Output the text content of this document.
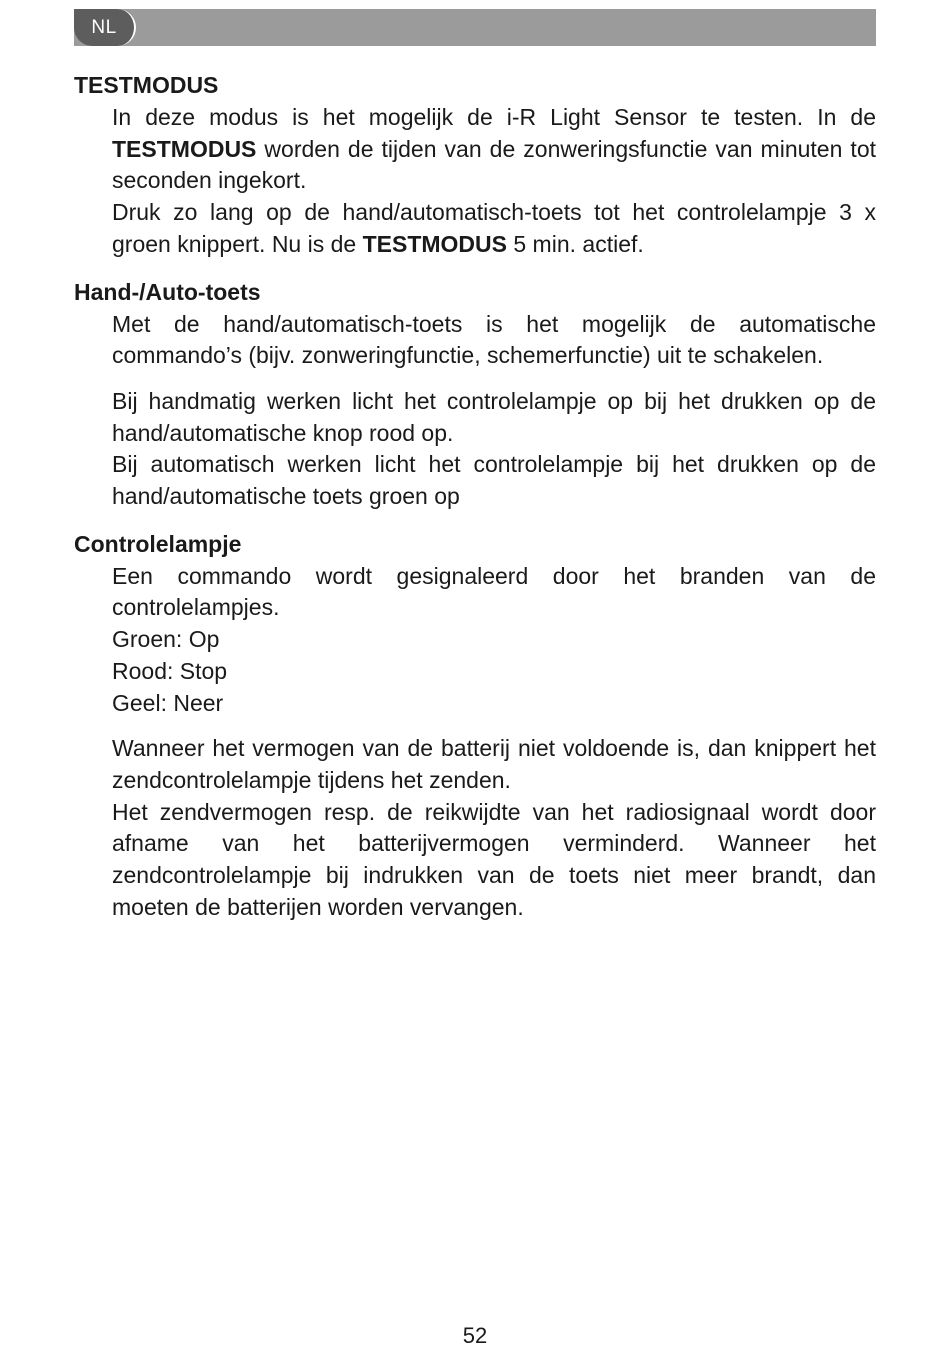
NL
TESTMODUS

In deze modus is het mogelijk de i-R Light Sensor te testen. In de TESTMODUS worden de tijden van de zonweringsfunctie van minuten tot seconden ingekort.

Druk zo lang op de hand/automatisch-toets tot het controlelampje 3 x groen knippert. Nu is de TESTMODUS 5 min. actief.

Hand-/Auto-toets

Met de hand/automatisch-toets is het mogelijk de automatische commando’s (bijv. zonweringfunctie, schemerfunctie) uit te schakelen.

Bij handmatig werken licht het controlelampje op bij het drukken op de hand/automatische knop rood op.

Bij automatisch werken licht het controlelampje bij het drukken op de hand/automatische toets groen op

Controlelampje

Een commando wordt gesignaleerd door het branden van de controlelampjes.

Groen: Op

Rood: Stop

Geel: Neer

Wanneer het vermogen van de batterij niet voldoende is, dan knippert het zendcontrolelampje tijdens het zenden.

Het zendvermogen resp. de reikwijdte van het radiosignaal wordt door afname van het batterijvermogen verminderd. Wanneer het zendcontrolelampje bij indrukken van de toets niet meer brandt, dan moeten de batterijen worden vervangen.

52
